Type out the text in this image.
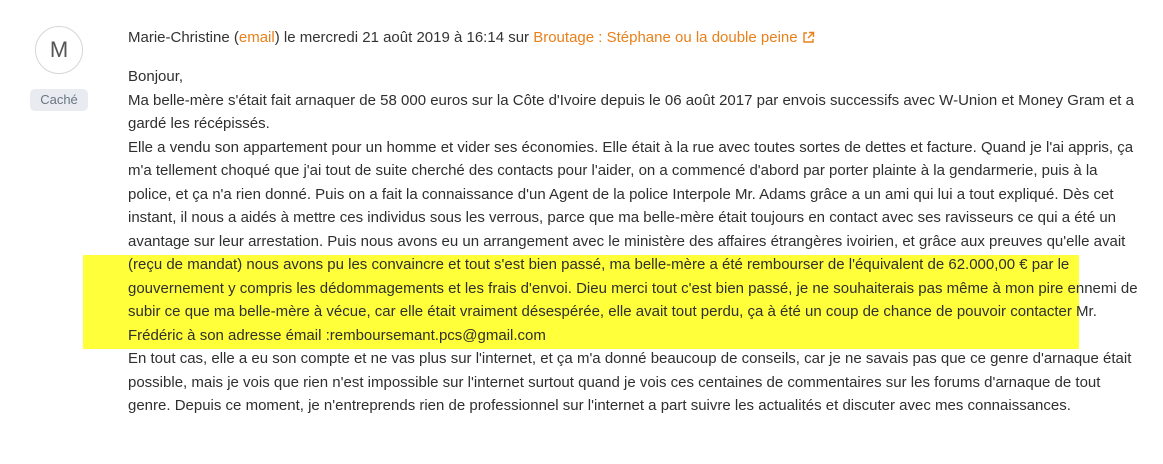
M
Caché
Marie-Christine (email) le mercredi 21 août 2019 à 16:14 sur Broutage : Stéphane ou la double peine

Bonjour,

Ma belle-mère s'était fait arnaquer de 58 000 euros sur la Côte d'Ivoire depuis le 06 août 2017 par envois successifs avec W-Union et Money Gram et a gardé les récépissés.

Elle a vendu son appartement pour un homme et vider ses économies. Elle était à la rue avec toutes sortes de dettes et facture. Quand je l'ai appris, ça m'a tellement choqué que j'ai tout de suite cherché des contacts pour l'aider, on a commencé d'abord par porter plainte à la gendarmerie, puis à la police, et ça n'a rien donné. Puis on a fait la connaissance d'un Agent de la police Interpole Mr. Adams grâce a un ami qui lui a tout expliqué. Dès cet instant, il nous a aidés à mettre ces individus sous les verrous, parce que ma belle-mère était toujours en contact avec ses ravisseurs ce qui a été un avantage sur leur arrestation. Puis nous avons eu un arrangement avec le ministère des affaires étrangères ivoirien, et grâce aux preuves qu'elle avait (reçu de mandat) nous avons pu les convaincre et tout s'est bien passé, ma belle-mère a été rembourser de l'équivalent de 62.000,00 € par le gouvernement y compris les dédommagements et les frais d'envoi. Dieu merci tout c'est bien passé, je ne souhaiterais pas même à mon pire ennemi de subir ce que ma belle-mère à vécue, car elle était vraiment désespérée, elle avait tout perdu, ça à été un coup de chance de pouvoir contacter Mr. Frédéric à son adresse émail :remboursemant.pcs@gmail.com

En tout cas, elle a eu son compte et ne vas plus sur l'internet, et ça m'a donné beaucoup de conseils, car je ne savais pas que ce genre d'arnaque était possible, mais je vois que rien n'est impossible sur l'internet surtout quand je vois ces centaines de commentaires sur les forums d'arnaque de tout genre. Depuis ce moment, je n'entreprends rien de professionnel sur l'internet a part suivre les actualités et discuter avec mes connaissances.
